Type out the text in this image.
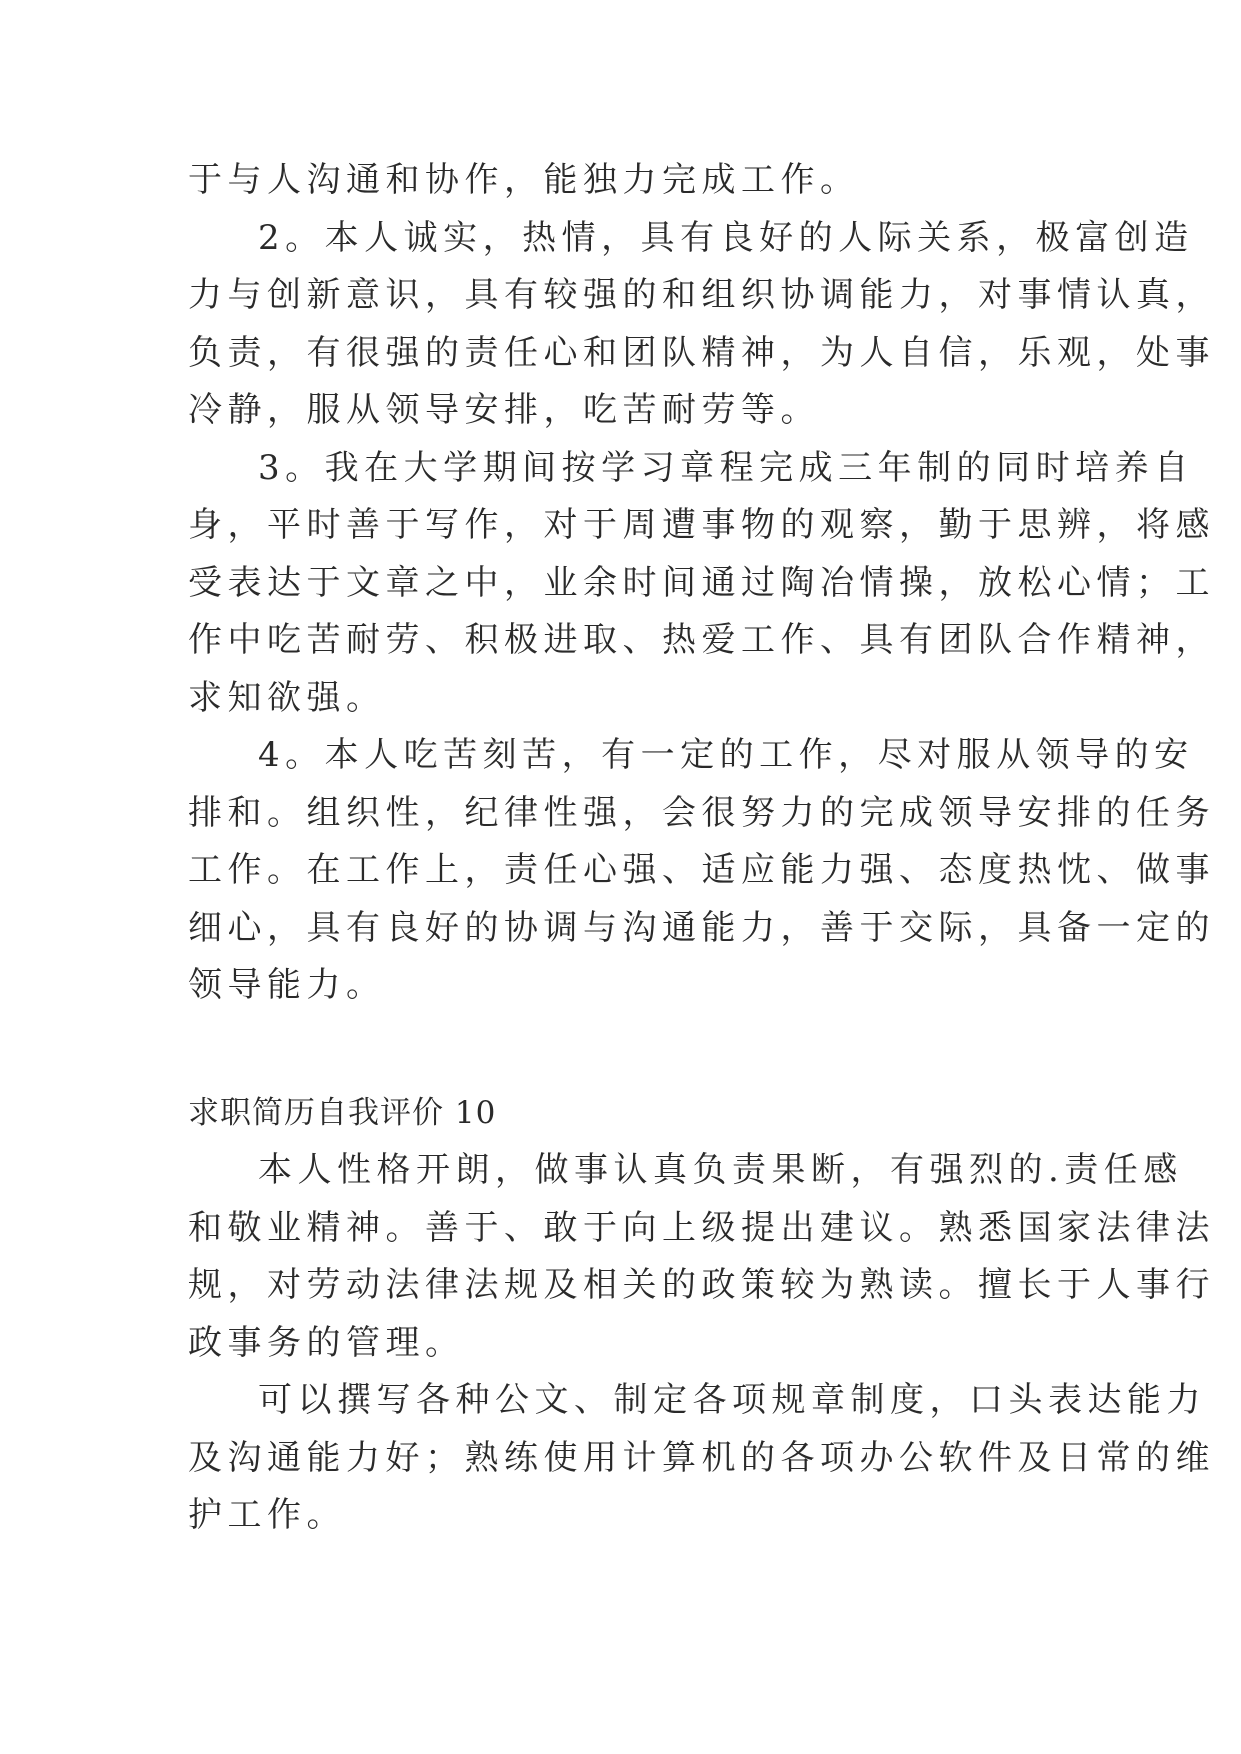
于与人沟通和协作，能独力完成工作。
2。本人诚实，热情，具有良好的人际关系，极富创造
力与创新意识，具有较强的和组织协调能力，对事情认真，
负责，有很强的责任心和团队精神，为人自信，乐观，处事
冷静，服从领导安排，吃苦耐劳等。
3。我在大学期间按学习章程完成三年制的同时培养自
身，平时善于写作，对于周遭事物的观察，勤于思辨，将感
受表达于文章之中，业余时间通过陶冶情操，放松心情；工
作中吃苦耐劳、积极进取、热爱工作、具有团队合作精神，
求知欲强。
4。本人吃苦刻苦，有一定的工作，尽对服从领导的安
排和。组织性，纪律性强，会很努力的完成领导安排的任务
工作。在工作上，责任心强、适应能力强、态度热忱、做事
细心，具有良好的协调与沟通能力，善于交际，具备一定的
领导能力。
求职简历自我评价 10
本人性格开朗，做事认真负责果断，有强烈的.责任感
和敬业精神。善于、敢于向上级提出建议。熟悉国家法律法
规，对劳动法律法规及相关的政策较为熟读。擅长于人事行
政事务的管理。
可以撰写各种公文、制定各项规章制度，口头表达能力
及沟通能力好；熟练使用计算机的各项办公软件及日常的维
护工作。
